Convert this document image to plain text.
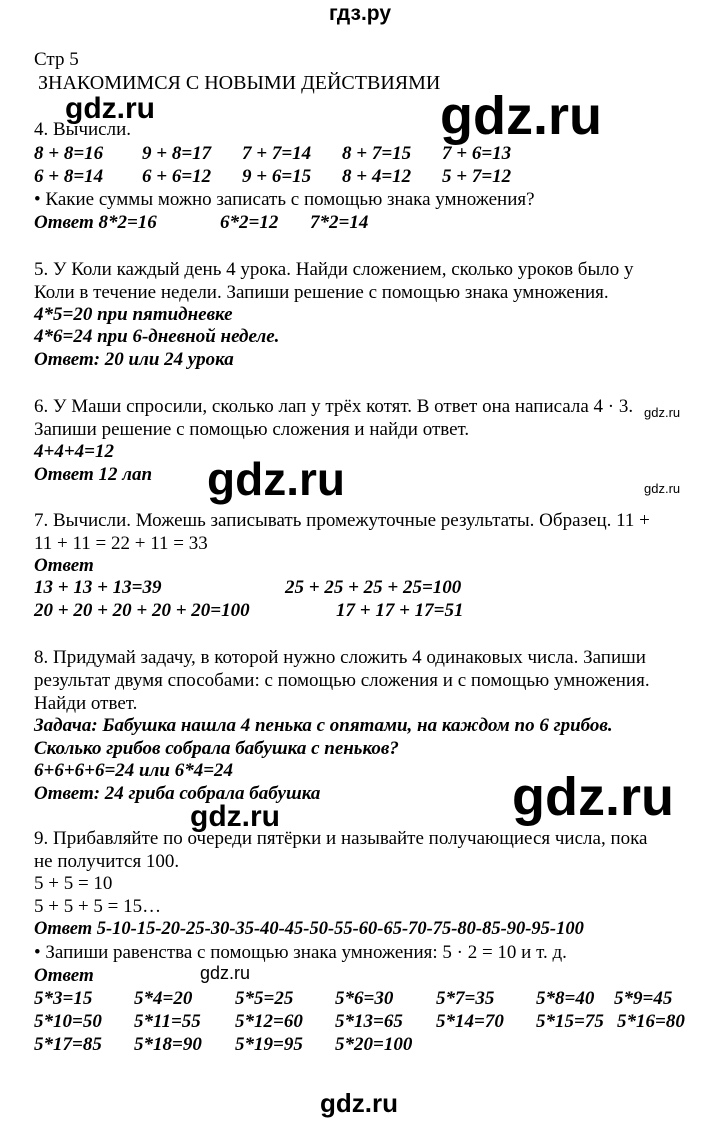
гдз.ру
Стр 5
ЗНАКОМИМСЯ С НОВЫМИ ДЕЙСТВИЯМИ
gdz.ru	gdz.ru
gdz.ru
gdz.ru	gdz.ru
gdz.ru	gdz.ru
gdz.ru
gdz.ru
4. Вычисли.
8 + 8=16 9 + 8=17 7 + 7=14 8 + 7=15 7 + 6=13
6 + 8=14 6 + 6=12 9 + 6=15 8 + 4=12 5 + 7=12
• Какие суммы можно записать с помощью знака умножения?
Ответ 8*2=16	6*2=12 7*2=14
5. У Коли каждый день 4 урока. Найди сложением, сколько уроков было у
Коли в течение недели. Запиши решение с помощью знака умножения.
4*5=20 при пятидневке
4*6=24 при 6-дневной неделе.
Ответ: 20 или 24 урока
6. У Маши спросили, сколько лап у трёх котят. В ответ она написала 4 · 3.
Запиши решение с помощью сложения и найди ответ.
4+4+4=12
Ответ 12 лап
7. Вычисли. Можешь записывать промежуточные результаты. Образец. 11 +
11 + 11 = 22 + 11 = 33
Ответ
13 + 13 + 13=39	25 + 25 + 25 + 25=100
20 + 20 + 20 + 20 + 20=100	17 + 17 + 17=51
8. Придумай задачу, в которой нужно сложить 4 одинаковых числа. Запиши
результат двумя способами: с помощью сложения и с помощью умножения.
Найди ответ.
Задача: Бабушка нашла 4 пенька с опятами, на каждом по 6 грибов.
Сколько грибов собрала бабушка с пеньков?
6+6+6+6=24 или 6*4=24
Ответ: 24 гриба собрала бабушка
9. Прибавляйте по очереди пятёрки и называйте получающиеся числа, пока
не получится 100.
5 + 5 = 10
5 + 5 + 5 = 15…
Ответ 5-10-15-20-25-30-35-40-45-50-55-60-65-70-75-80-85-90-95-100
• Запиши равенства с помощью знака умножения: 5 · 2 = 10 и т. д.
Ответ
5*3=15 5*4=20 5*5=25 5*6=30 5*7=35 5*8=40 5*9=45
5*10=50 5*11=55 5*12=60 5*13=65 5*14=70 5*15=75 5*16=80
5*17=85 5*18=90 5*19=95 5*20=100
